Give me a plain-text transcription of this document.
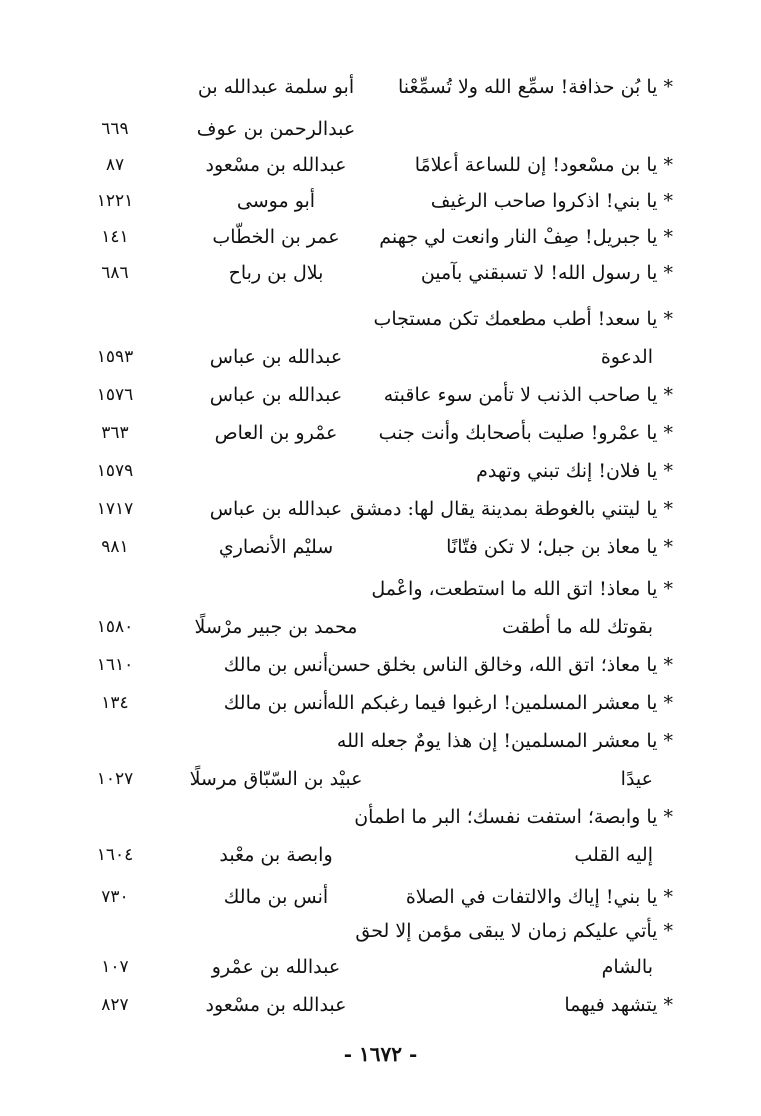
* يا بُن حذافة! سمِّع الله ولا تُسمِّعْنا
أبو سلمة عبدالله بن
عبدالرحمن بن عوف
٦٦٩
* يا بن مسْعود! إن للساعة أعلامًا
عبدالله بن مسْعود
٨٧
* يا بني! اذكروا صاحب الرغيف
أبو موسى
١٢٢١
* يا جبريل! صِفْ النار وانعت لي جهنم
عمر بن الخطّاب
١٤١
* يا رسول الله! لا تسبقني بآمين
بلال بن رباح
٦٨٦
* يا سعد! أطب مطعمك تكن مستجاب
الدعوة
عبدالله بن عباس
١٥٩٣
* يا صاحب الذنب لا تأمن سوء عاقبته
عبدالله بن عباس
١٥٧٦
* يا عمْرو! صليت بأصحابك وأنت جنب
عمْرو بن العاص
٣٦٣
* يا فلان! إنك تبني وتهدم
١٥٧٩
* يا ليتني بالغوطة بمدينة يقال لها: دمشق
عبدالله بن عباس
١٧١٧
* يا معاذ بن جبل؛ لا تكن فتّانًا
سليْم الأنصاري
٩٨١
* يا معاذ! اتق الله ما استطعت، واعْمل
بقوتك لله ما أطقت
محمد بن جبير مرْسلًا
١٥٨٠
* يا معاذ؛ اتق الله، وخالق الناس بخلق حسن
أنس بن مالك
١٦١٠
* يا معشر المسلمين! ارغبوا فيما رغبكم الله
أنس بن مالك
١٣٤
* يا معشر المسلمين! إن هذا يومٌ جعله الله
عيدًا
عبيْد بن السّبّاق مرسلًا
١٠٢٧
* يا وابصة؛ استفت نفسك؛ البر ما اطمأن
إليه القلب
وابصة بن معْبد
١٦٠٤
* يا بني! إياك والالتفات في الصلاة
أنس بن مالك
٧٣٠
* يأتي عليكم زمان لا يبقى مؤمن إلا لحق
بالشام
عبدالله بن عمْرو
١٠٧
* يتشهد فيهما
عبدالله بن مسْعود
٨٢٧
- ١٦٧٢ -
